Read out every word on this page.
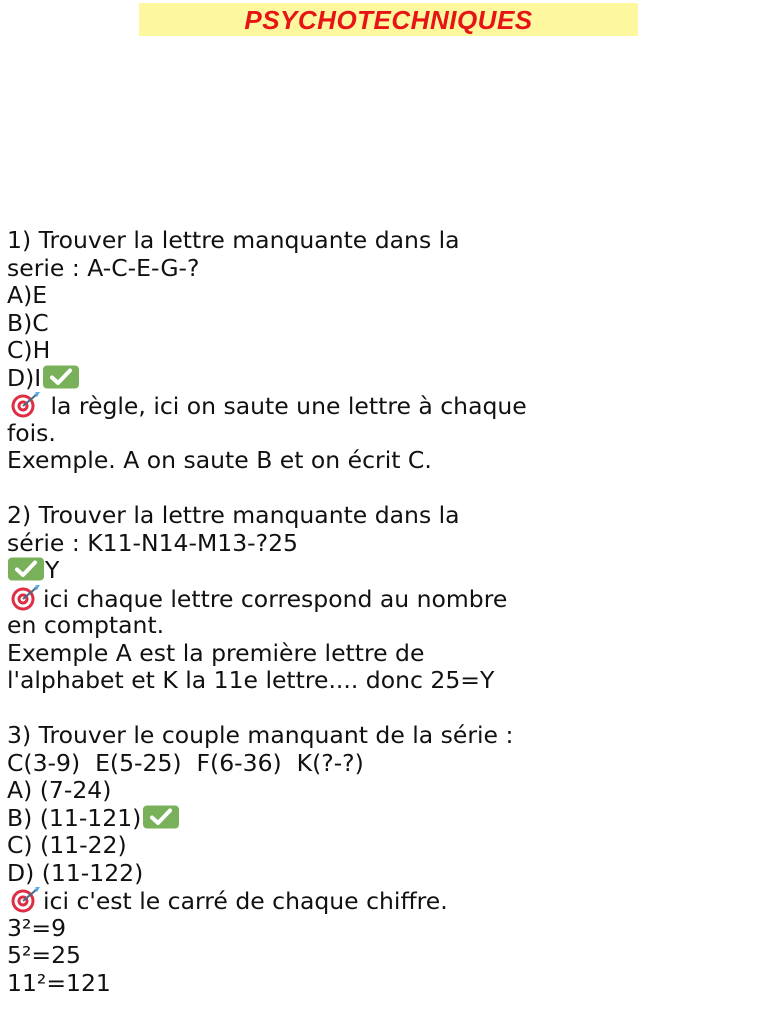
PSYCHOTECHNIQUES
1) Trouver la lettre manquante dans la
serie : A-C-E-G-?
A)E
B)C
C)H
D)I
la règle, ici on saute une lettre à chaque
fois.
Exemple. A on saute B et on écrit C.
2) Trouver la lettre manquante dans la
série : K11-N14-M13-?25
Y
ici chaque lettre correspond au nombre
en comptant.
Exemple A est la première lettre de
l'alphabet et K la 11e lettre.... donc 25=Y
3) Trouver le couple manquant de la série :
C(3-9)  E(5-25)  F(6-36)  K(?-?)
A) (7-24)
B) (11-121)
C) (11-22)
D) (11-122)
ici c'est le carré de chaque chiffre.
3²=9
5²=25
11²=121
